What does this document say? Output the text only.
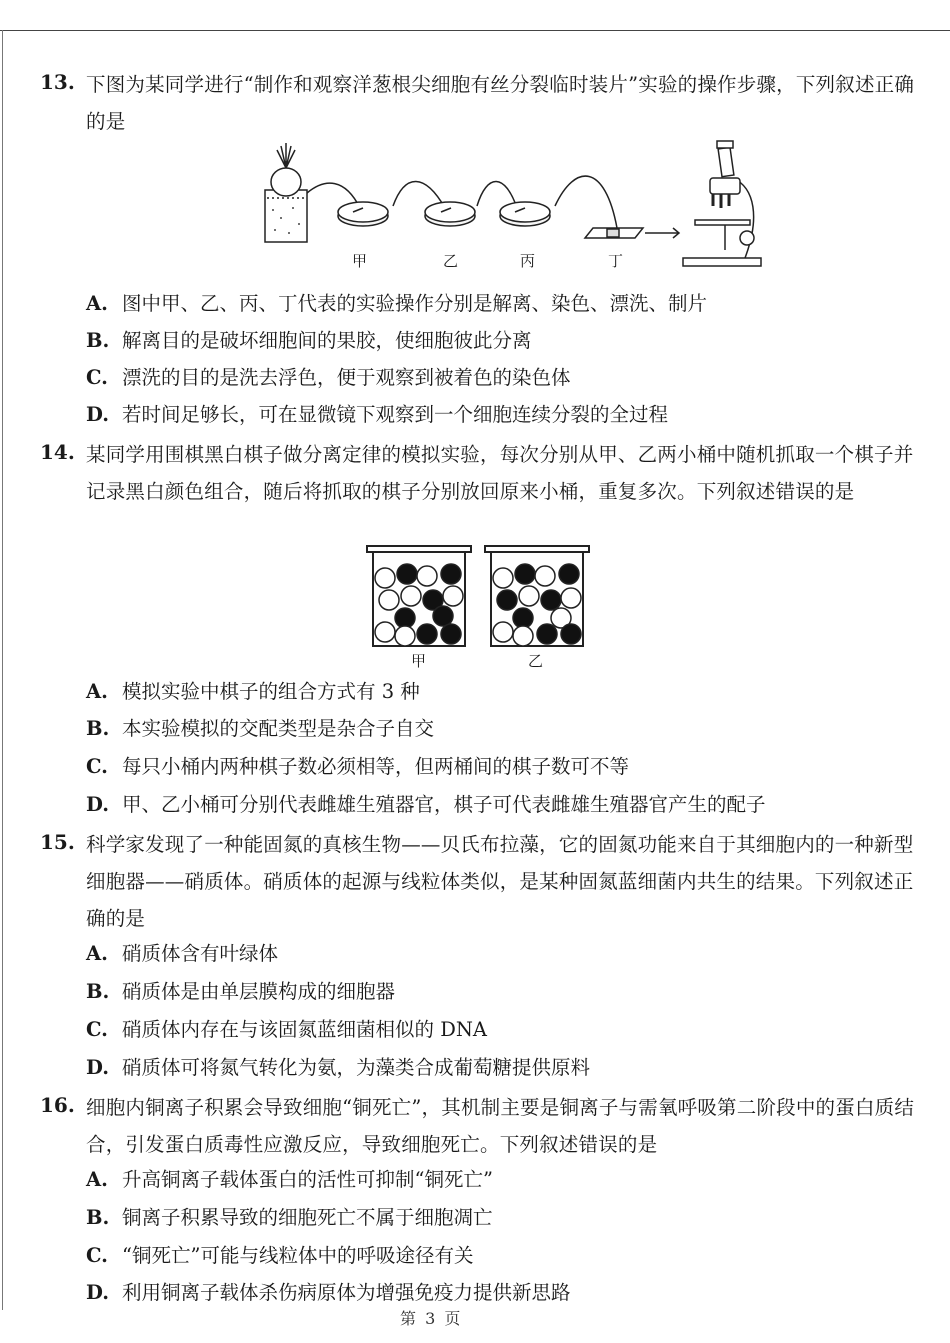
13. 下图为某同学进行“制作和观察洋葱根尖细胞有丝分裂临时装片”实验的操作步骤，下列叙述正确的是
甲	乙	丙	丁
A. 图中甲、乙、丙、丁代表的实验操作分别是解离、染色、漂洗、制片
B. 解离目的是破坏细胞间的果胶，使细胞彼此分离
C. 漂洗的目的是洗去浮色，便于观察到被着色的染色体
D. 若时间足够长，可在显微镜下观察到一个细胞连续分裂的全过程
14. 某同学用围棋黑白棋子做分离定律的模拟实验，每次分别从甲、乙两小桶中随机抓取一个棋子并记录黑白颜色组合，随后将抓取的棋子分别放回原来小桶，重复多次。下列叙述错误的是
甲	乙
A. 模拟实验中棋子的组合方式有 3 种
B. 本实验模拟的交配类型是杂合子自交
C. 每只小桶内两种棋子数必须相等，但两桶间的棋子数可不等
D. 甲、乙小桶可分别代表雌雄生殖器官，棋子可代表雌雄生殖器官产生的配子
15. 科学家发现了一种能固氮的真核生物——贝氏布拉藻，它的固氮功能来自于其细胞内的一种新型细胞器——硝质体。硝质体的起源与线粒体类似，是某种固氮蓝细菌内共生的结果。下列叙述正确的是
A. 硝质体含有叶绿体
B. 硝质体是由单层膜构成的细胞器
C. 硝质体内存在与该固氮蓝细菌相似的 DNA
D. 硝质体可将氮气转化为氨，为藻类合成葡萄糖提供原料
16. 细胞内铜离子积累会导致细胞“铜死亡”，其机制主要是铜离子与需氧呼吸第二阶段中的蛋白质结合，引发蛋白质毒性应激反应，导致细胞死亡。下列叙述错误的是
A. 升高铜离子载体蛋白的活性可抑制“铜死亡”
B. 铜离子积累导致的细胞死亡不属于细胞凋亡
C. “铜死亡”可能与线粒体中的呼吸途径有关
D. 利用铜离子载体杀伤病原体为增强免疫力提供新思路
第 3 页
